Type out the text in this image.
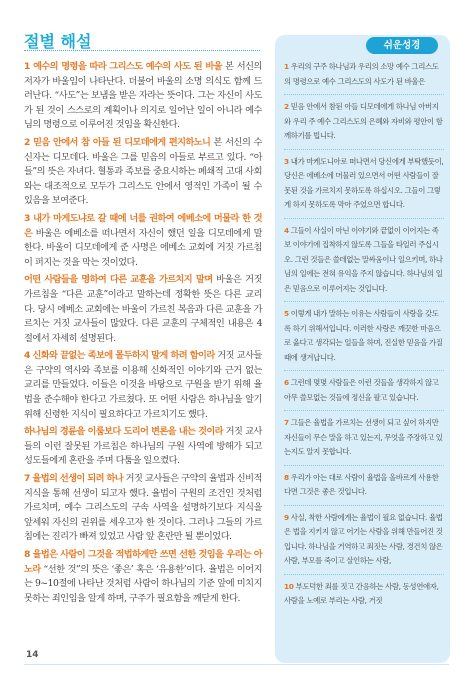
절별 해설

1 예수의 명령을 따라 그리스도 예수의 사도 된 바울 본 서신의 저자가 바울임이 나타난다. 더불어 바울의 소명 의식도 함께 드러난다. “사도”는 보냄을 받은 자라는 뜻이다. 그는 자신이 사도가 된 것이 스스로의 계획이나 의지로 일어난 일이 아니라 예수님의 명령으로 이루어진 것임을 확신한다.

2 믿음 안에서 참 아들 된 디모데에게 편지하노니 본 서신의 수신자는 디모데다. 바울은 그를 믿음의 아들로 부르고 있다. “아들”의 뜻은 자녀다. 혈통과 족보를 중요시하는 폐쇄적 고대 사회와는 대조적으로 모두가 그리스도 안에서 영적인 가족이 될 수 있음을 보여준다.

3 내가 마게도냐로 갈 때에 너를 권하여 에베소에 머물라 한 것은 바울은 에베소를 떠나면서 자신이 했던 일을 디모데에게 말한다. 바울이 디모데에게 준 사명은 에베소 교회에 거짓 가르침이 퍼지는 것을 막는 것이었다.

어떤 사람들을 명하여 다른 교훈을 가르치지 말며 바울은 거짓 가르침을 “다른 교훈”이라고 말하는데 정확한 뜻은 다른 교리다. 당시 에베소 교회에는 바울이 가르친 복음과 다른 교훈을 가르치는 거짓 교사들이 많았다. 다른 교훈의 구체적인 내용은 4절에서 자세히 설명된다.

4 신화와 끝없는 족보에 몰두하지 말게 하려 함이라 거짓 교사들은 구약의 역사와 족보를 이용해 신화적인 이야기와 근거 없는 교리를 만들었다. 이들은 이것을 바탕으로 구원을 받기 위해 율법을 준수해야 한다고 가르쳤다. 또 어떤 사람은 하나님을 알기 위해 신령한 지식이 필요하다고 가르치기도 했다.

하나님의 경륜을 이룸보다 도리어 변론을 내는 것이라 거짓 교사들의 이런 잘못된 가르침은 하나님의 구원 사역에 방해가 되고 성도들에게 혼란을 주며 다툼을 일으켰다.

7 율법의 선생이 되려 하나 거짓 교사들은 구약의 율법과 신비적 지식을 통해 선생이 되고자 했다. 율법이 구원의 조건인 것처럼 가르치며, 예수 그리스도의 구속 사역을 설명하기보다 지식을 앞세워 자신의 권위를 세우고자 한 것이다. 그러나 그들의 가르침에는 진리가 빠져 있었고 사람 앞 혼란만 될 뿐이었다.

8 율법은 사람이 그것을 적법하게만 쓰면 선한 것임을 우리는 아노라 “선한 것”의 뜻은 ‘좋은’ 혹은 ‘유용한’이다. 율법은 이어지는 9~10절에 나타난 것처럼 사람이 하나님의 기준 앞에 미치지 못하는 죄인임을 알게 하며, 구주가 필요함을 깨닫게 한다.

쉬운성경
1 우리의 구주 하나님과 우리의 소망 예수 그리스도의 명령으로 예수 그리스도의 사도가 된 바울은
2 믿음 안에서 참된 아들 디모데에게 하나님 아버지와 우리 주 예수 그리스도의 은혜와 자비와 평안이 함께하기를 빕니다.
3 내가 마케도니아로 떠나면서 당신에게 부탁했듯이, 당신은 에베소에 머물러 있으면서 어떤 사람들이 잘못된 것을 가르치지 못하도록 하십시오. 그들이 그렇게 하지 못하도록 막아 주었으면 합니다.
4 그들이 사실이 아닌 이야기와 끝없이 이어지는 족보 이야기에 집착하지 않도록 그들을 타일러 주십시오. 그런 것들은 쓸데없는 말싸움이나 일으키며, 하나님의 일에는 전혀 유익을 주지 않습니다. 하나님의 일은 믿음으로 이루어지는 것입니다.
5 이렇게 내가 말하는 이유는 사람들이 사랑을 갖도록 하기 위해서입니다. 이러한 사랑은 깨끗한 마음으로 옳다고 생각되는 일들을 하며, 진실한 믿음을 가질 때에 생겨납니다.
6 그런데 몇몇 사람들은 이런 것들을 생각하지 않고 아무 쓸모없는 것들에 정신을 팔고 있습니다.
7 그들은 율법을 가르치는 선생이 되고 싶어 하지만 자신들이 무슨 말을 하고 있는지, 무엇을 주장하고 있는지도 알지 못합니다.
8 우리가 아는 대로 사람이 율법을 올바르게 사용한다면 그것은 좋은 것입니다.
9 사실, 착한 사람에게는 율법이 필요 없습니다. 율법은 법을 지키지 않고 어기는 사람을 위해 만들어진 것입니다. 하나님을 거역하고 죄짓는 사람, 경건치 않은 사람, 부모를 죽이고 살인하는 사람,
10 부도덕한 죄를 짓고 간음하는 사람, 동성연애자, 사람을 노예로 부리는 사람, 거짓
14
